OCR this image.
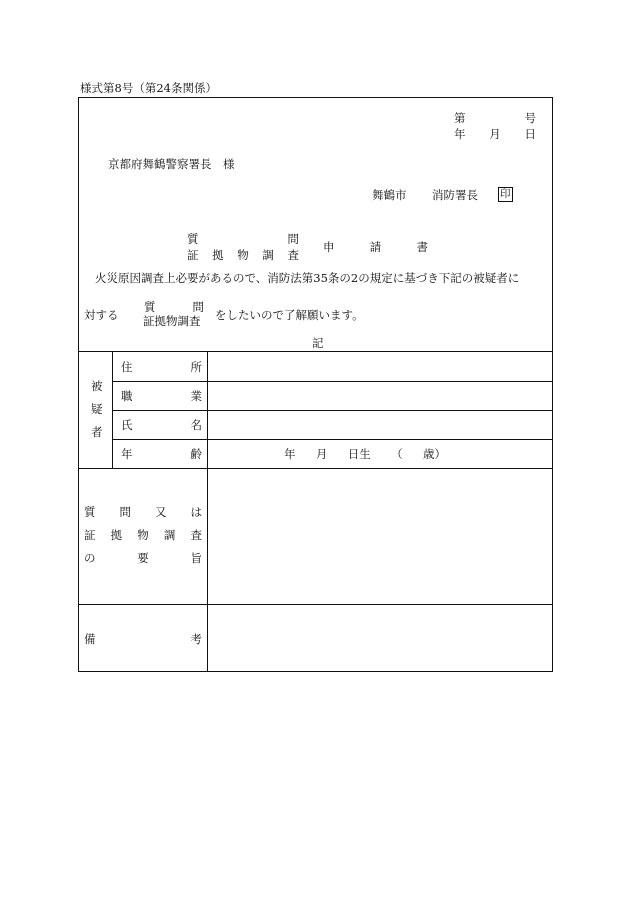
様式第8号（第24条関係）
第	号
年 月 日
京都府舞鶴警察署長　様
舞鶴市 消防署長 印
質	問
証 拠 物 調 査
申	請	書
火災原因調査上必要があるので、消防法第35条の2の規定に基づき下記の被疑者に
対する
質	問
証拠物調査 をしたいので了解願います。
記
被
疑
者
住	所
職	業
氏	名
年	齢	年 月 日生 （ 歳）
質 問 又 は
証 拠 物 調 査
の	要	旨
備	考
